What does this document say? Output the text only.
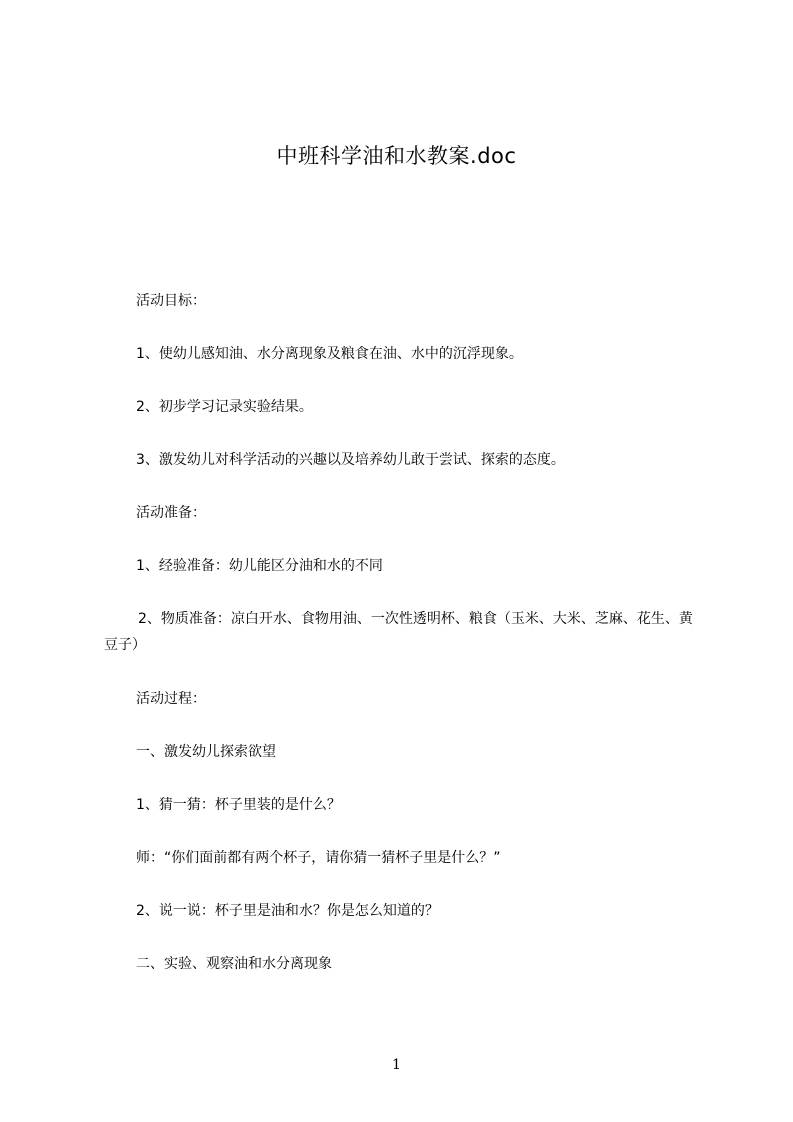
中班科学油和水教案.doc
活动目标：
1、使幼儿感知油、水分离现象及粮食在油、水中的沉浮现象。
2、初步学习记录实验结果。
3、激发幼儿对科学活动的兴趣以及培养幼儿敢于尝试、探索的态度。
活动准备：
1、经验准备：幼儿能区分油和水的不同
2、物质准备：凉白开水、食物用油、一次性透明杯、粮食（玉米、大米、芝麻、花生、黄豆子）
活动过程：
一、激发幼儿探索欲望
1、猜一猜：杯子里装的是什么？
师：“你们面前都有两个杯子，请你猜一猜杯子里是什么？”
2、说一说：杯子里是油和水？你是怎么知道的？
二、实验、观察油和水分离现象
1
